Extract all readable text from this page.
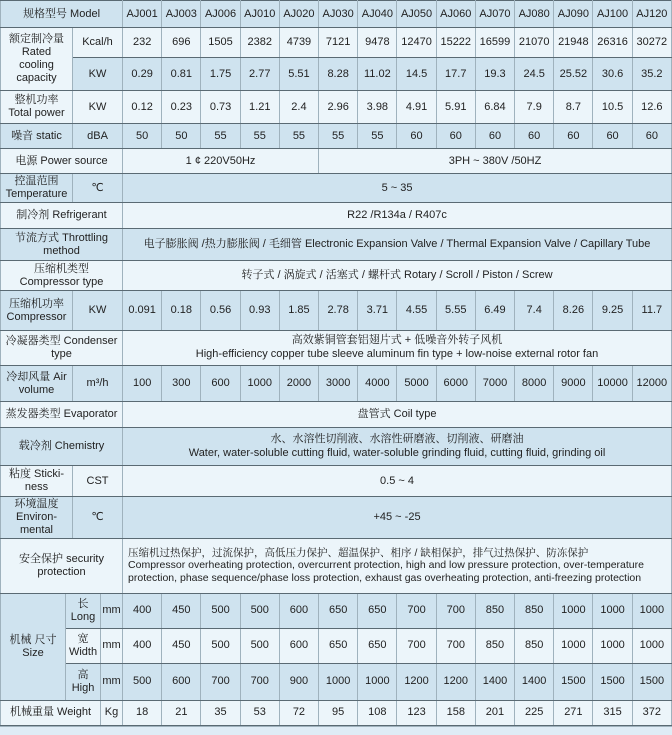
规格型号 Model				AJ001	AJ003	AJ006	AJ010	AJ020	AJ030	AJ040	AJ050	AJ060	AJ070	AJ080	AJ090	AJ100	AJ120
额定制冷量 Rated cooling capacity		Kcal/h		232	696	1505	2382	4739	7121	9478	12470	15222	16599	21070	21948	26316	30272
		KW		0.29	0.81	1.75	2.77	5.51	8.28	11.02	14.5	17.7	19.3	24.5	25.52	30.6	35.2
整机功率 Total power		KW		0.12	0.23	0.73	1.21	2.4	2.96	3.98	4.91	5.91	6.84	7.9	8.7	10.5	12.6
噪音 static		dBA		50	50	55	55	55	55	55	60	60	60	60	60	60	60
电源 Power source				1 ¢ 220V50Hz					3PH ~ 380V /50HZ								
控温范围 Temperature		℃		5 ~ 35													
制冷剂 Refrigerant				R22 /R134a / R407c													
节流方式 Throttling method				电子膨胀阀 /热力膨胀阀 / 毛细管 Electronic Expansion Valve / Thermal Expansion Valve / Capillary Tube													
压缩机类型 Compressor type				转子式 / 涡旋式 / 活塞式 / 螺杆式 Rotary / Scroll / Piston / Screw													
压缩机功率 Compressor		KW		0.091	0.18	0.56	0.93	1.85	2.78	3.71	4.55	5.55	6.49	7.4	8.26	9.25	11.7
冷凝器类型 Condenser type				高效紫铜管套铝翅片式 + 低噪音外转子风机
High-efficiency copper tube sleeve aluminum fin type + low-noise external rotor fan													

冷却风量 Air volume		m³/h		100	300	600	1000	2000	3000	4000	5000	6000	7000	8000	9000	10000	12000
蒸发器类型 Evaporator				盘管式 Coil type													
载冷剂 Chemistry				水、水溶性切削液、水溶性研磨液、切削液、研磨油
Water, water-soluble cutting fluid, water-soluble grinding fluid, cutting fluid, grinding oil													

粘度 Sticki-ness		CST		0.5 ~ 4													
环境温度 Environ-mental		℃		+45 ~ -25													
安全保护 security protection				压缩机过热保护，过流保护，高低压力保护、超温保护、相序 / 缺相保护，排气过热保护、防冻保护
Compressor overheating protection, overcurrent protection, high and low pressure protection, over-temperature protection, phase sequence/phase loss protection, exhaust gas overheating protection, anti-freezing protection													

机械 尺寸 Size	长 Long		mm	400	450	500	500	600	650	650	700	700	850	850	1000	1000	1000
	宽 Width		mm	400	450	500	500	600	650	650	700	700	850	850	1000	1000	1000
	高 High		mm	500	600	700	700	900	1000	1000	1200	1200	1400	1400	1500	1500	1500
机械重量 Weight			Kg	18	21	35	53	72	95	108	123	158	201	225	271	315	372
